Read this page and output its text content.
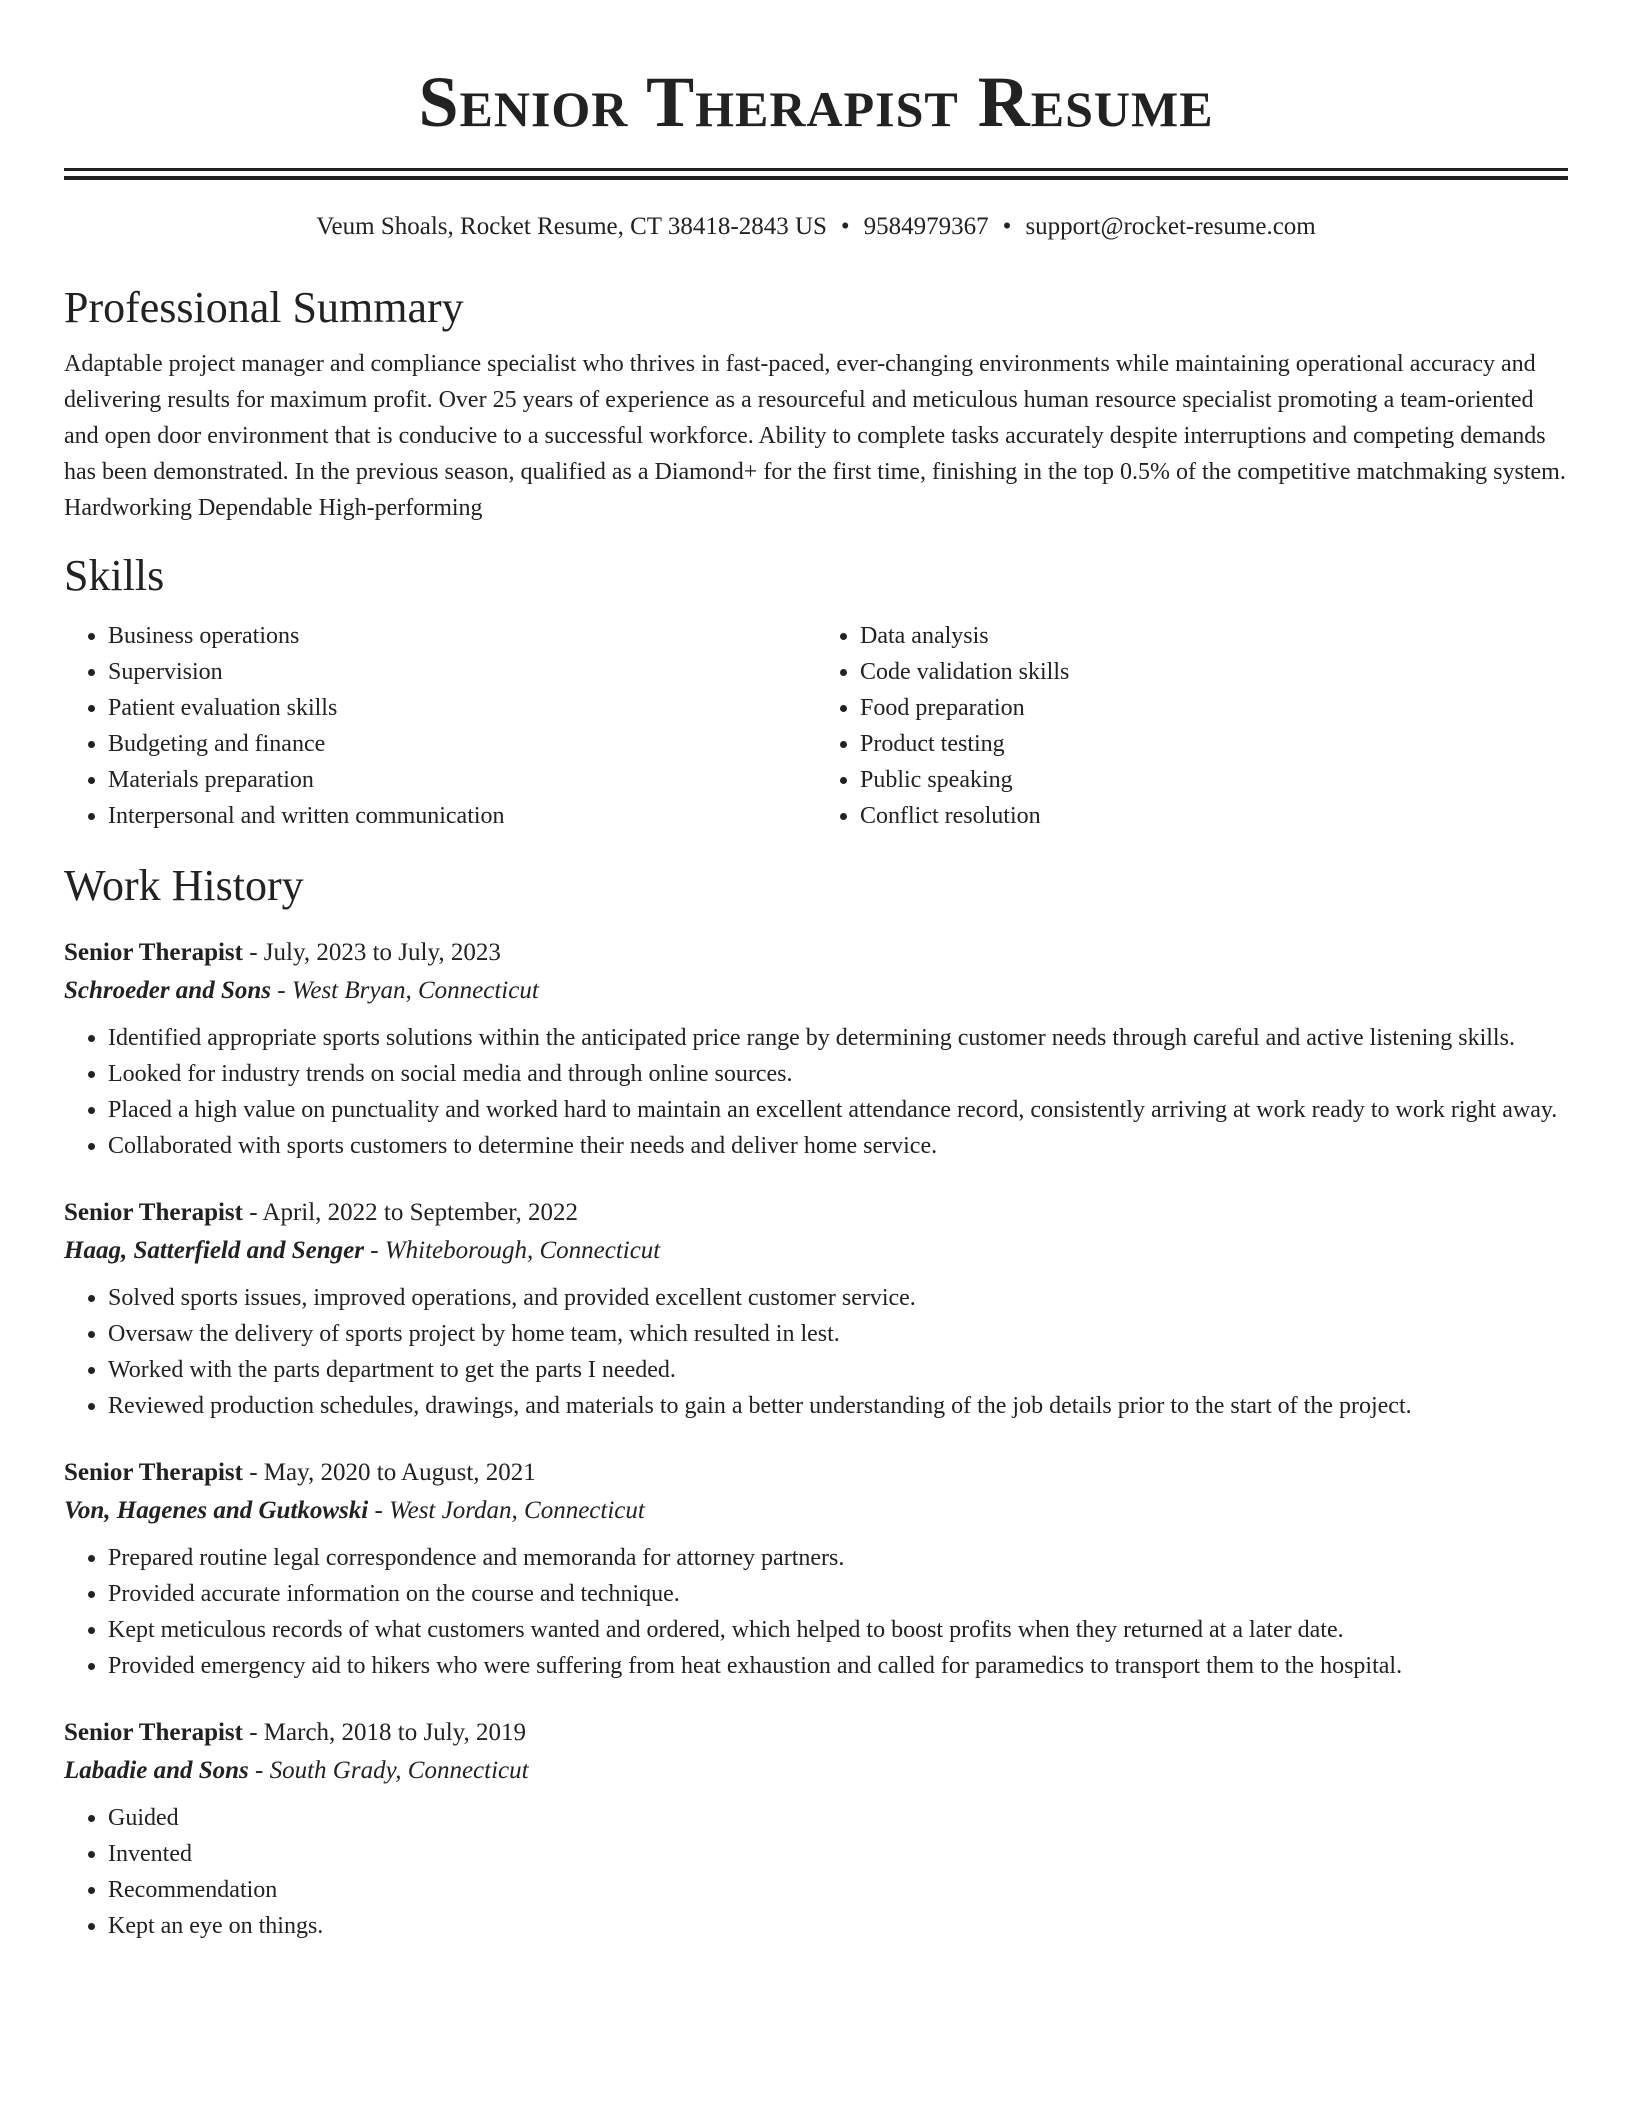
Senior Therapist Resume
Veum Shoals, Rocket Resume, CT 38418-2843 US • 9584979367 • support@rocket-resume.com
Professional Summary
Adaptable project manager and compliance specialist who thrives in fast-paced, ever-changing environments while maintaining operational accuracy and delivering results for maximum profit. Over 25 years of experience as a resourceful and meticulous human resource specialist promoting a team-oriented and open door environment that is conducive to a successful workforce. Ability to complete tasks accurately despite interruptions and competing demands has been demonstrated. In the previous season, qualified as a Diamond+ for the first time, finishing in the top 0.5% of the competitive matchmaking system. Hardworking Dependable High-performing
Skills
• Business operations
• Supervision
• Patient evaluation skills
• Budgeting and finance
• Materials preparation
• Interpersonal and written communication
• Data analysis
• Code validation skills
• Food preparation
• Product testing
• Public speaking
• Conflict resolution
Work History
Senior Therapist - July, 2023 to July, 2023
Schroeder and Sons - West Bryan, Connecticut
• Identified appropriate sports solutions within the anticipated price range by determining customer needs through careful and active listening skills.
• Looked for industry trends on social media and through online sources.
• Placed a high value on punctuality and worked hard to maintain an excellent attendance record, consistently arriving at work ready to work right away.
• Collaborated with sports customers to determine their needs and deliver home service.
Senior Therapist - April, 2022 to September, 2022
Haag, Satterfield and Senger - Whiteborough, Connecticut
• Solved sports issues, improved operations, and provided excellent customer service.
• Oversaw the delivery of sports project by home team, which resulted in lest.
• Worked with the parts department to get the parts I needed.
• Reviewed production schedules, drawings, and materials to gain a better understanding of the job details prior to the start of the project.
Senior Therapist - May, 2020 to August, 2021
Von, Hagenes and Gutkowski - West Jordan, Connecticut
• Prepared routine legal correspondence and memoranda for attorney partners.
• Provided accurate information on the course and technique.
• Kept meticulous records of what customers wanted and ordered, which helped to boost profits when they returned at a later date.
• Provided emergency aid to hikers who were suffering from heat exhaustion and called for paramedics to transport them to the hospital.
Senior Therapist - March, 2018 to July, 2019
Labadie and Sons - South Grady, Connecticut
• Guided
• Invented
• Recommendation
• Kept an eye on things.
